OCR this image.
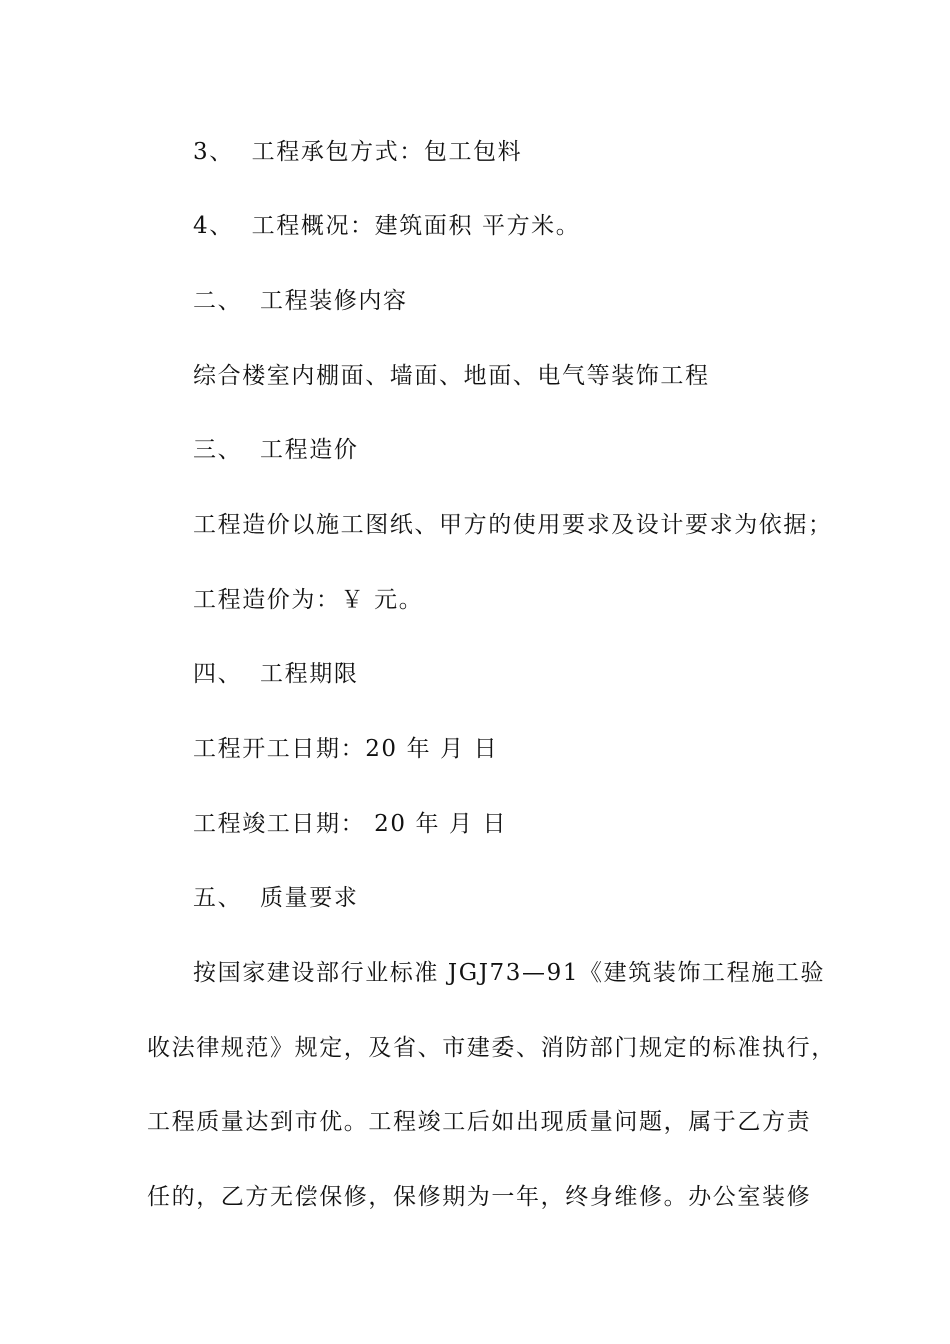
3、  工程承包方式：包工包料
4、  工程概况：建筑面积 平方米。
二、  工程装修内容
综合楼室内棚面、墙面、地面、电气等装饰工程
三、  工程造价
工程造价以施工图纸、甲方的使用要求及设计要求为依据；
工程造价为：￥ 元。
四、  工程期限
工程开工日期：20 年 月 日
工程竣工日期： 20 年 月 日
五、  质量要求
按国家建设部行业标准 JGJ73—91《建筑装饰工程施工验
收法律规范》规定，及省、市建委、消防部门规定的标准执行，
工程质量达到市优。工程竣工后如出现质量问题，属于乙方责
任的，乙方无偿保修，保修期为一年，终身维修。办公室装修
